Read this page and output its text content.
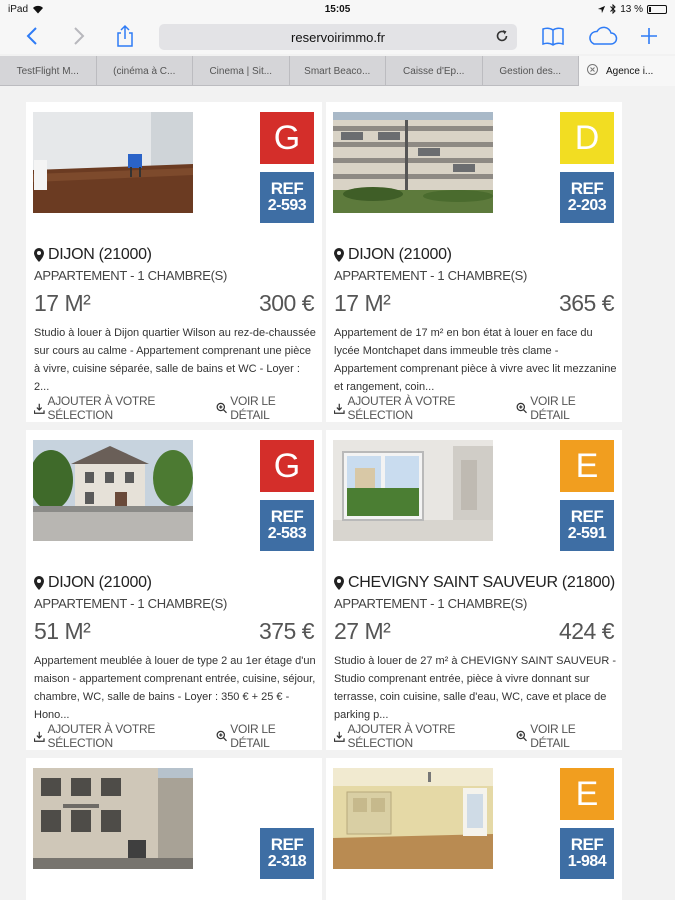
iPad	15:05	13 %
reservoirimmo.fr
TestFlight M...	(cinéma à C...	Cinema | Sit...	Smart Beaco...	Caisse d'Ep...	Gestion des...	Agence i...
G
REF
2-593
DIJON (21000)
APPARTEMENT - 1 CHAMBRE(S)
17 M²	300 €
Studio à louer à Dijon quartier Wilson au rez-de-chaussée sur cours au calme - Appartement comprenant une pièce à vivre, cuisine séparée, salle de bains et WC - Loyer : 2...
AJOUTER À VOTRE SÉLECTION
VOIR LE DÉTAIL
D
REF
2-203
DIJON (21000)
APPARTEMENT - 1 CHAMBRE(S)
17 M²	365 €
Appartement de 17 m² en bon état à louer en face du lycée Montchapet dans immeuble très clame - Appartement comprenant pièce à vivre avec lit mezzanine et rangement, coin...
AJOUTER À VOTRE SÉLECTION
VOIR LE DÉTAIL
G
REF
2-583
DIJON (21000)
APPARTEMENT - 1 CHAMBRE(S)
51 M²	375 €
Appartement meublée à louer de type 2 au 1er étage d'un maison - appartement comprenant entrée, cuisine, séjour, chambre, WC, salle de bains - Loyer : 350 € + 25 € - Hono...
AJOUTER À VOTRE SÉLECTION
VOIR LE DÉTAIL
E
REF
2-591
CHEVIGNY SAINT SAUVEUR (21800)
APPARTEMENT - 1 CHAMBRE(S)
27 M²	424 €
Studio à louer de 27 m² à CHEVIGNY SAINT SAUVEUR - Studio comprenant entrée, pièce à vivre donnant sur terrasse, coin cuisine, salle d'eau, WC, cave et place de parking p...
AJOUTER À VOTRE SÉLECTION
VOIR LE DÉTAIL
REF
2-318
E
REF
1-984
